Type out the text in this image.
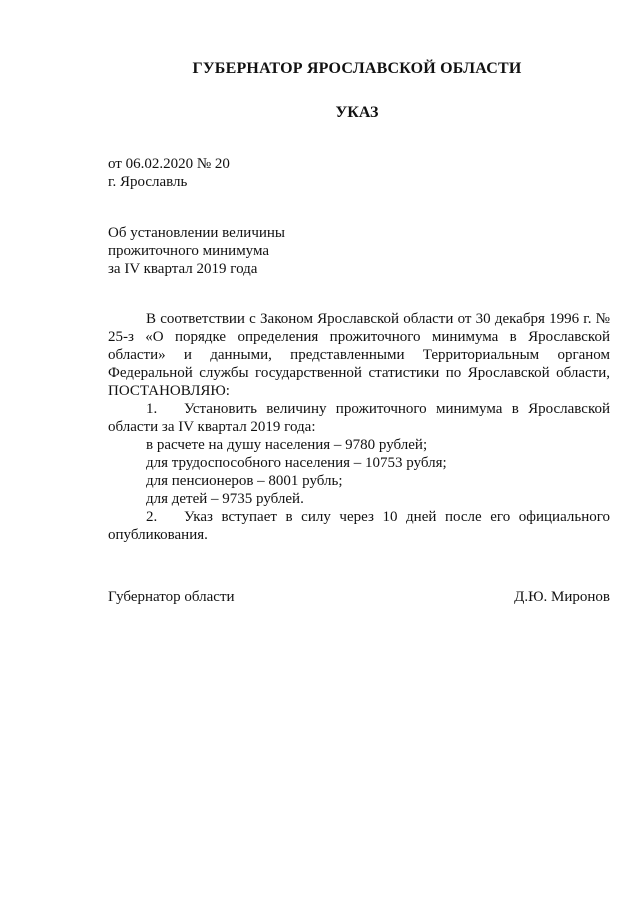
ГУБЕРНАТОР ЯРОСЛАВСКОЙ ОБЛАСТИ
УКАЗ
от 06.02.2020 № 20
г. Ярославль
Об установлении величины
прожиточного минимума
за IV квартал 2019 года

В соответствии с Законом Ярославской области от 30 декабря 1996 г. № 25-з «О порядке определения прожиточного минимума в Ярославской области» и данными, представленными Территориальным органом Федеральной службы государственной статистики по Ярославской области, ПОСТАНОВЛЯЮ:

1. Установить величину прожиточного минимума в Ярославской области за IV квартал 2019 года:

в расчете на душу населения – 9780 рублей;

для трудоспособного населения – 10753 рубля;

для пенсионеров – 8001 рубль;

для детей – 9735 рублей.

2. Указ вступает в силу через 10 дней после его официального опубликования.

Губернатор области	Д.Ю. Миронов
